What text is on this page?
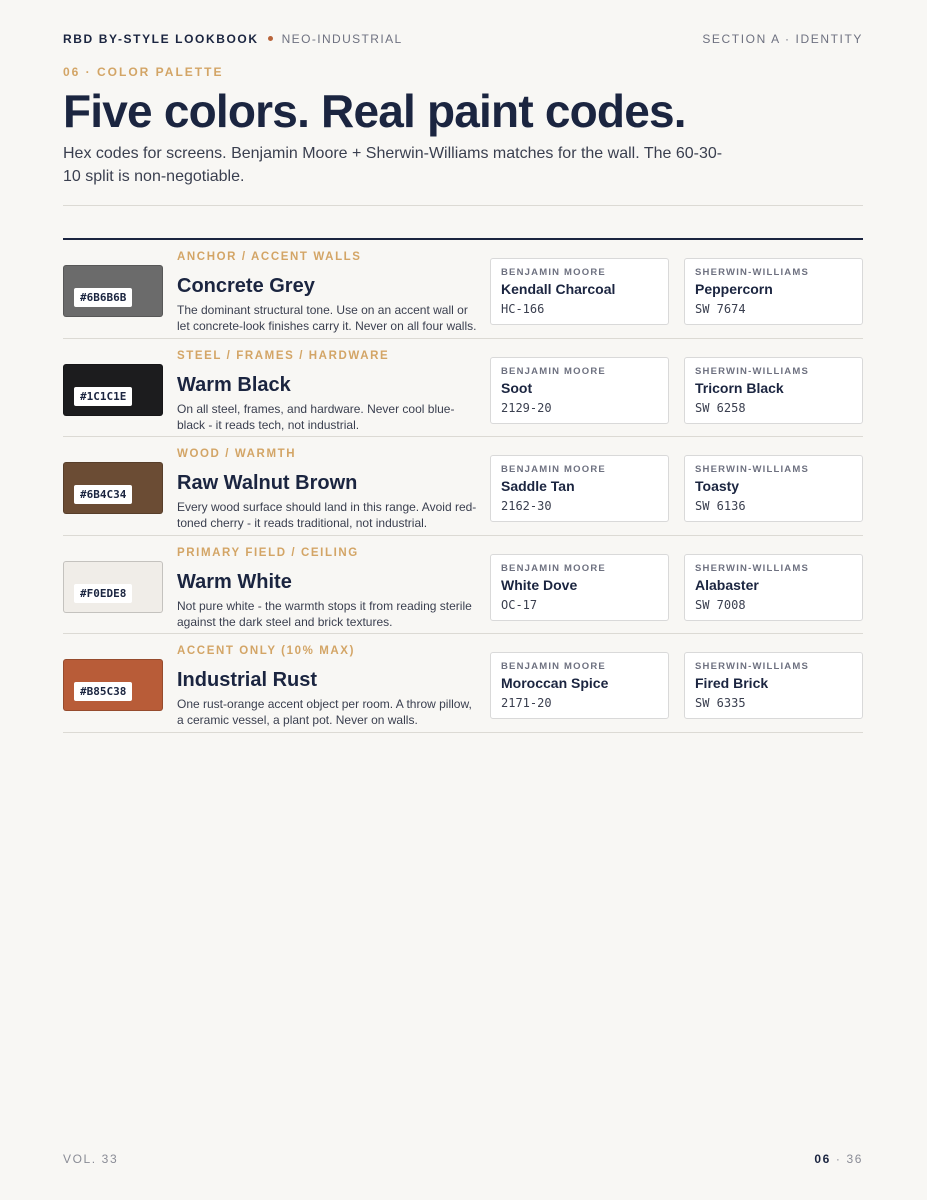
RBD BY-STYLE LOOKBOOK NEO-INDUSTRIAL	SECTION A · IDENTITY
06 · COLOR PALETTE
Five colors. Real paint codes.

Hex codes for screens. Benjamin Moore + Sherwin-Williams matches for the wall. The 60-30-10 split is non-negotiable.

#6B6B6B
ANCHOR / ACCENT WALLS
Concrete Grey
The dominant structural tone. Use on an accent wall or let concrete-look finishes carry it. Never on all four walls.
BENJAMIN MOORE
Kendall Charcoal
HC-166
SHERWIN-WILLIAMS
Peppercorn
SW 7674
#1C1C1E
STEEL / FRAMES / HARDWARE
Warm Black
On all steel, frames, and hardware. Never cool blue-black - it reads tech, not industrial.
BENJAMIN MOORE
Soot
2129-20
SHERWIN-WILLIAMS
Tricorn Black
SW 6258
#6B4C34
WOOD / WARMTH
Raw Walnut Brown
Every wood surface should land in this range. Avoid red-toned cherry - it reads traditional, not industrial.
BENJAMIN MOORE
Saddle Tan
2162-30
SHERWIN-WILLIAMS
Toasty
SW 6136
#F0EDE8
PRIMARY FIELD / CEILING
Warm White
Not pure white - the warmth stops it from reading sterile against the dark steel and brick textures.
BENJAMIN MOORE
White Dove
OC-17
SHERWIN-WILLIAMS
Alabaster
SW 7008
#B85C38
ACCENT ONLY (10% MAX)
Industrial Rust
One rust-orange accent object per room. A throw pillow, a ceramic vessel, a plant pot. Never on walls.
BENJAMIN MOORE
Moroccan Spice
2171-20
SHERWIN-WILLIAMS
Fired Brick
SW 6335
VOL. 33	06 · 36
